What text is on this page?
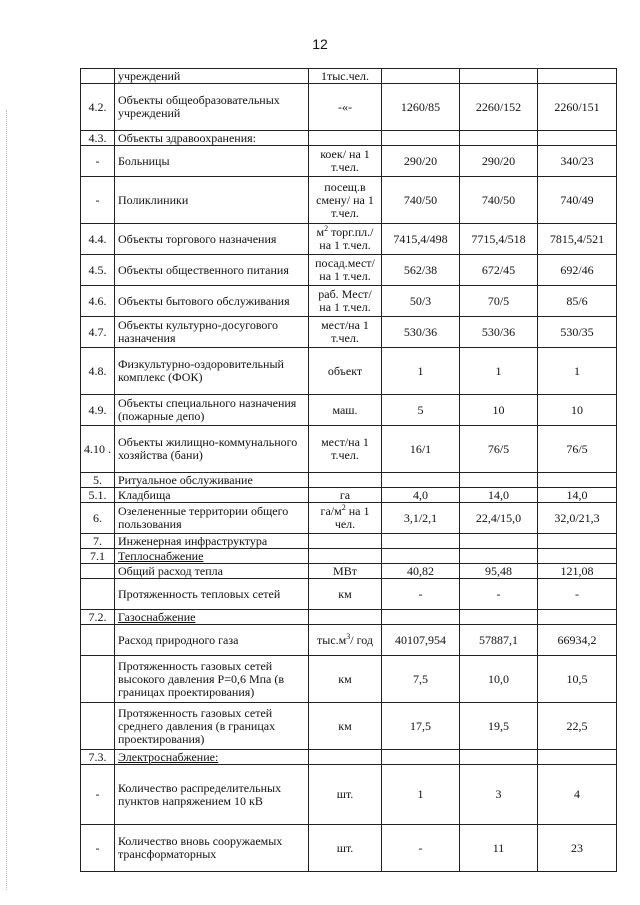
12
	учреждений	1тыс.чел.			
4.2.	Объекты общеобразовательных учреждений	-«-	1260/85	2260/152	2260/151
4.3.	Объекты здравоохранения:				
-	Больницы	коек/ на 1 т.чел.	290/20	290/20	340/23
-	Поликлиники	посещ.в смену/ на 1 т.чел.	740/50	740/50	740/49
4.4.	Объекты торгового назначения	$м^2$ торг.пл./ на 1 т.чел.	7415,4/498	7715,4/518	7815,4/521
4.5.	Объекты общественного питания	посад.мест/ на 1 т.чел.	562/38	672/45	692/46
4.6.	Объекты бытового обслуживания	раб. Мест/ на 1 т.чел.	50/3	70/5	85/6
4.7.	Объекты культурно-досугового назначения	мест/на 1 т.чел.	530/36	530/36	530/35
4.8.	Физкультурно-оздоровительный комплекс (ФОК)	объект	1	1	1
4.9.	Объекты специального назначения (пожарные депо)	маш.	5	10	10
4.10 .	Объекты жилищно-коммунального хозяйства (бани)	мест/на 1 т.чел.	16/1	76/5	76/5
5.	Ритуальное обслуживание				
5.1.	Кладбища	га	4,0	14,0	14,0
6.	Озелененные территории общего пользования	$га/м^2$ на 1 чел.	3,1/2,1	22,4/15,0	32,0/21,3
7.	Инженерная инфраструктура				
7.1	Теплоснабжение				
	Общий расход тепла	МВт	40,82	95,48	121,08
	Протяженность тепловых сетей	км	-	-	-
7.2.	Газоснабжение				
	Расход природного газа	$тыс.м^3/$ год	40107,954	57887,1	66934,2
	Протяженность газовых сетей высокого давления Р=0,6 Мпа (в границах проектирования)	км	7,5	10,0	10,5
	Протяженность газовых сетей среднего давления (в границах проектирования)	км	17,5	19,5	22,5
7.3.	Электроснабжение:				
-	Количество распределительных пунктов напряжением 10 кВ	шт.	1	3	4
-	Количество вновь сооружаемых трансформаторных	шт.	-	11	23
